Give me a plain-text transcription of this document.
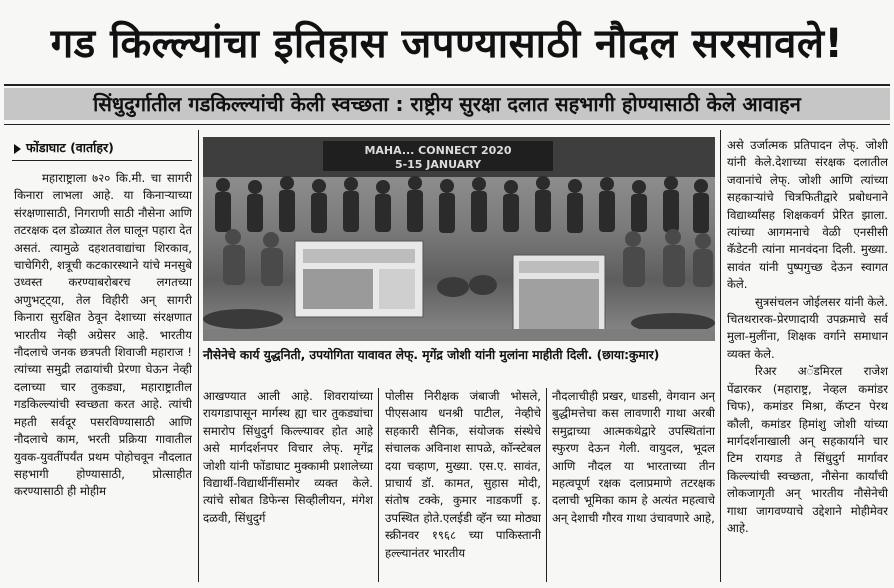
गड किल्ल्यांचा इतिहास जपण्यासाठी नौदल सरसावले!
सिंधुदुर्गातील गडकिल्ल्यांची केली स्वच्छता : राष्ट्रीय सुरक्षा दलात सहभागी होण्यासाठी केले आवाहन
फोंडाघाट (वार्ताहर)

महाराष्ट्राला ७२० कि.मी. चा सागरी किनारा लाभला आहे. या किनाऱ्याच्या संरक्षणासाठी, निगराणी साठी नौसेना आणि तटरक्षक दल डोळ्यात तेल घालून पहारा देत असतं. त्यामुळे दहशतवाद्यांचा शिरकाव, चाचेगिरी, शत्रूची कटकारस्थाने यांचे मनसुबे उध्वस्त करण्याबरोबरच लगतच्या अणुभट्ट्या, तेल विहीरी अन्‌ सागरी किनारा सुरक्षित ठेवून देशाच्या संरक्षणात भारतीय नेव्ही अग्रेसर आहे. भारतीय नौदलाचे जनक छत्रपती शिवाजी महाराज ! त्यांच्या समुद्री लढायांची प्रेरणा घेऊन नेव्ही दलाच्या चार तुकड्या, महाराष्ट्रातील गडकिल्ल्यांची स्वच्छता करत आहे. त्यांची महती सर्वदूर पसरविण्यासाठी आणि नौदलाचे काम, भरती प्रक्रिया गावातील युवक-युवतींपर्यंत प्रथम पोहोचवून नौदलात सहभागी होण्यासाठी, प्रोत्साहीत करण्यासाठी ही मोहीम

MAHA... CONNECT 2020
5-15 JANUARY
नौसेनेचे कार्य युद्धनिती, उपयोगिता यावावत लेफ्. मृगेंद्र जोशी यांनी मुलांना माहीती दिली. (छाया:कुमार)

आखण्यात आली आहे. शिवरायांच्या रायगडापासून मार्गस्थ ह्या चार तुकड्यांचा समारोप सिंधुदुर्ग किल्ल्यावर होत आहे असे मार्गदर्शनपर विचार लेफ्. मृगेंद्र जोशी यांनी फोंडाघाट मुक्कामी प्रशालेच्या विद्यार्थी-विद्यार्थीनींसमोर व्यक्त केले. त्यांचे सोबत डिफेन्स सिव्हीलीयन, मंगेश दळवी, सिंधुदुर्ग

पोलीस निरीक्षक जंबाजी भोसले, पीएसआय धनश्री पाटील, नेव्हीचे सहकारी सैनिक, संयोजक संस्थेचे संचालक अविनाश सापळे, कॉन्स्टेबल दया चव्हाण, मुख्या. एस.ए. सावंत, प्राचार्य डॉ. कामत, सुहास मोदी, संतोष टक्के, कुमार नाडकर्णी इ. उपस्थित होते.एलईडी व्हॅन च्या मोठ्या स्क्रीनवर १९६८ च्या पाकिस्तानी हल्ल्यानंतर भारतीय

नौदलाचीही प्रखर, धाडसी, वेगवान अन्‌ बुद्धीमत्तेचा कस लावणारी गाथा अरबी समुद्राच्या आत्मकथेद्वारे उपस्थितांना स्फुरण देऊन गेली. वायुदल, भूदल आणि नौदल या भारताच्या तीन महत्वपूर्ण रक्षक दलाप्रमाणे तटरक्षक दलाची भूमिका काम हे अत्यंत महत्वाचे अन्‌ देशाची गौरव गाथा उंचावणारे आहे,

असे उर्जात्मक प्रतिपादन लेफ्. जोशी यांनी केले.देशाच्या संरक्षक दलातील जवानांचे लेफ्. जोशी आणि त्यांच्या सहकाऱ्यांचे चित्रफितीद्वारे प्रबोधनाने विद्यार्थ्यांसह शिक्षकवर्ग प्रेरित झाला. त्यांच्या आगमनाचे वेळी एनसीसी कॅडेटनी त्यांना मानवंदना दिली. मुख्या. सावंत यांनी पुष्पगुच्छ देऊन स्वागत केले.

सुत्रसंचलन जोईलसर यांनी केले. चितथरारक-प्रेरणादायी उपक्रमाचे सर्व मुला-मुलींना, शिक्षक वर्गाने समाधान व्यक्त केले.

रिअर अॅडमिरल राजेश पेंढारकर (महाराष्ट्र, नेव्हल कमांडर चिफ), कमांडर मिश्रा, कॅप्टन पेरथ कौली, कमांडर हिमांशु जोशी यांच्या मार्गदर्शनाखाली अन्‌ सहकार्याने चार टिम रायगड ते सिंधुदुर्ग मार्गावर किल्ल्यांची स्वच्छता, नौसेना कार्यांची लोकजागृती अन्‌ भारतीय नौसेनेची गाथा जागवण्याचे उद्देशाने मोहीमेवर आहे.
